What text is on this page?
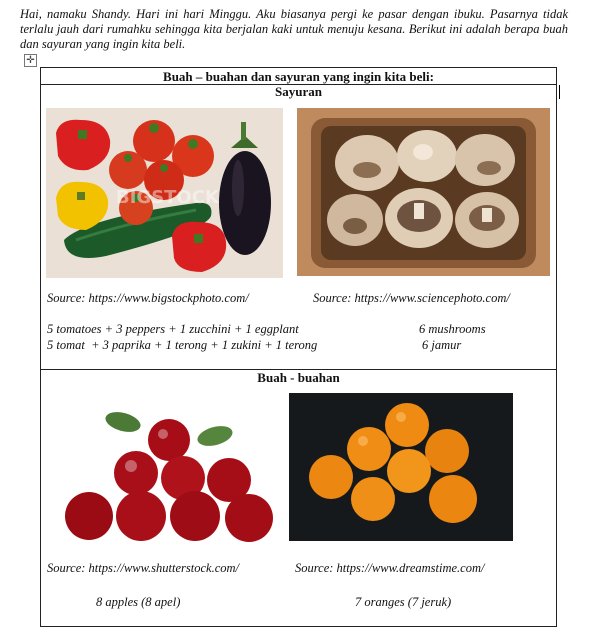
Hai, namaku Shandy. Hari ini hari Minggu. Aku biasanya pergi ke pasar dengan ibuku. Pasarnya tidak terlalu jauh dari rumahku sehingga kita berjalan kaki untuk menuju kesana. Berikut ini adalah berapa buah dan sayuran yang ingin kita beli.
✛
Buah – buahan dan sayuran yang ingin kita beli:
Sayuran
BIGSTOCK
Source: https://www.bigstockphoto.com/	Source: https://www.sciencephoto.com/
5 tomatoes + 3 peppers + 1 zucchini + 1 eggplant
5 tomat  + 3 paprika + 1 terong + 1 zukini + 1 terong
6 mushrooms
6 jamur
Buah - buahan
Source: https://www.shutterstock.com/	Source: https://www.dreamstime.com/
8 apples (8 apel)	7 oranges (7 jeruk)
